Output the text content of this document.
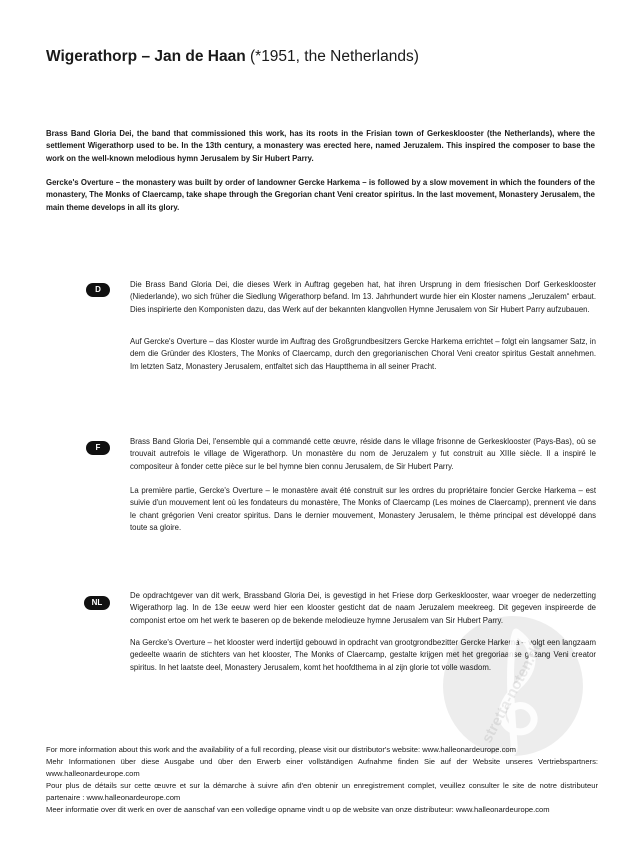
Wigerathorp – Jan de Haan (*1951, the Netherlands)

Brass Band Gloria Dei, the band that commissioned this work, has its roots in the Frisian town of Gerkesklooster (the Netherlands), where the settlement Wigerathorp used to be. In the 13th century, a monastery was erected here, named Jeruzalem. This inspired the composer to base the work on the well-known melodious hymn Jerusalem by Sir Hubert Parry.

Gercke's Overture – the monastery was built by order of landowner Gercke Harkema – is followed by a slow movement in which the founders of the monastery, The Monks of Claercamp, take shape through the Gregorian chant Veni creator spiritus. In the last movement, Monastery Jerusalem, the main theme develops in all its glory.

D

Die Brass Band Gloria Dei, die dieses Werk in Auftrag gegeben hat, hat ihren Ursprung in dem friesischen Dorf Gerkesklooster (Niederlande), wo sich früher die Siedlung Wigerathorp befand. Im 13. Jahrhundert wurde hier ein Kloster namens „Jeruzalem“ erbaut. Dies inspirierte den Komponisten dazu, das Werk auf der bekannten klangvollen Hymne Jerusalem von Sir Hubert Parry aufzubauen.

Auf Gercke's Overture – das Kloster wurde im Auftrag des Großgrundbesitzers Gercke Harkema errichtet – folgt ein langsamer Satz, in dem die Gründer des Klosters, The Monks of Claercamp, durch den gregorianischen Choral Veni creator spiritus Gestalt annehmen. Im letzten Satz, Monastery Jerusalem, entfaltet sich das Hauptthema in all seiner Pracht.

F

Brass Band Gloria Dei, l'ensemble qui a commandé cette œuvre, réside dans le village frisonne de Gerkesklooster (Pays-Bas), où se trouvait autrefois le village de Wigerathorp. Un monastère du nom de Jeruzalem y fut construit au XIIIe siècle. Il a inspiré le compositeur à fonder cette pièce sur le bel hymne bien connu Jerusalem, de Sir Hubert Parry.

La première partie, Gercke's Overture – le monastère avait été construit sur les ordres du propriétaire foncier Gercke Harkema – est suivie d'un mouvement lent où les fondateurs du monastère, The Monks of Claercamp (Les moines de Claercamp), prennent vie dans le chant grégorien Veni creator spiritus. Dans le dernier mouvement, Monastery Jerusalem, le thème principal est développé dans toute sa gloire.

NL

De opdrachtgever van dit werk, Brassband Gloria Dei, is gevestigd in het Friese dorp Gerkesklooster, waar vroeger de nederzetting Wigerathorp lag. In de 13e eeuw werd hier een klooster gesticht dat de naam Jeruzalem meekreeg. Dit gegeven inspireerde de componist ertoe om het werk te baseren op de bekende melodieuze hymne Jerusalem van Sir Hubert Parry.

Na Gercke's Overture – het klooster werd indertijd gebouwd in opdracht van grootgrondbezitter Gercke Harkema – volgt een langzaam gedeelte waarin de stichters van het klooster, The Monks of Claercamp, gestalte krijgen met het gregoriaanse gezang Veni creator spiritus. In het laatste deel, Monastery Jerusalem, komt het hoofdthema in al zijn glorie tot volle wasdom.

stretta-noten.de
For more information about this work and the availability of a full recording, please visit our distributor's website: www.halleonardeurope.com
Mehr Informationen über diese Ausgabe und über den Erwerb einer vollständigen Aufnahme finden Sie auf der Website unseres Vertriebspartners: www.halleonardeurope.com
Pour plus de détails sur cette œuvre et sur la démarche à suivre afin d'en obtenir un enregistrement complet, veuillez consulter le site de notre distributeur partenaire : www.halleonardeurope.com
Meer informatie over dit werk en over de aanschaf van een volledige opname vindt u op de website van onze distributeur: www.halleonardeurope.com
